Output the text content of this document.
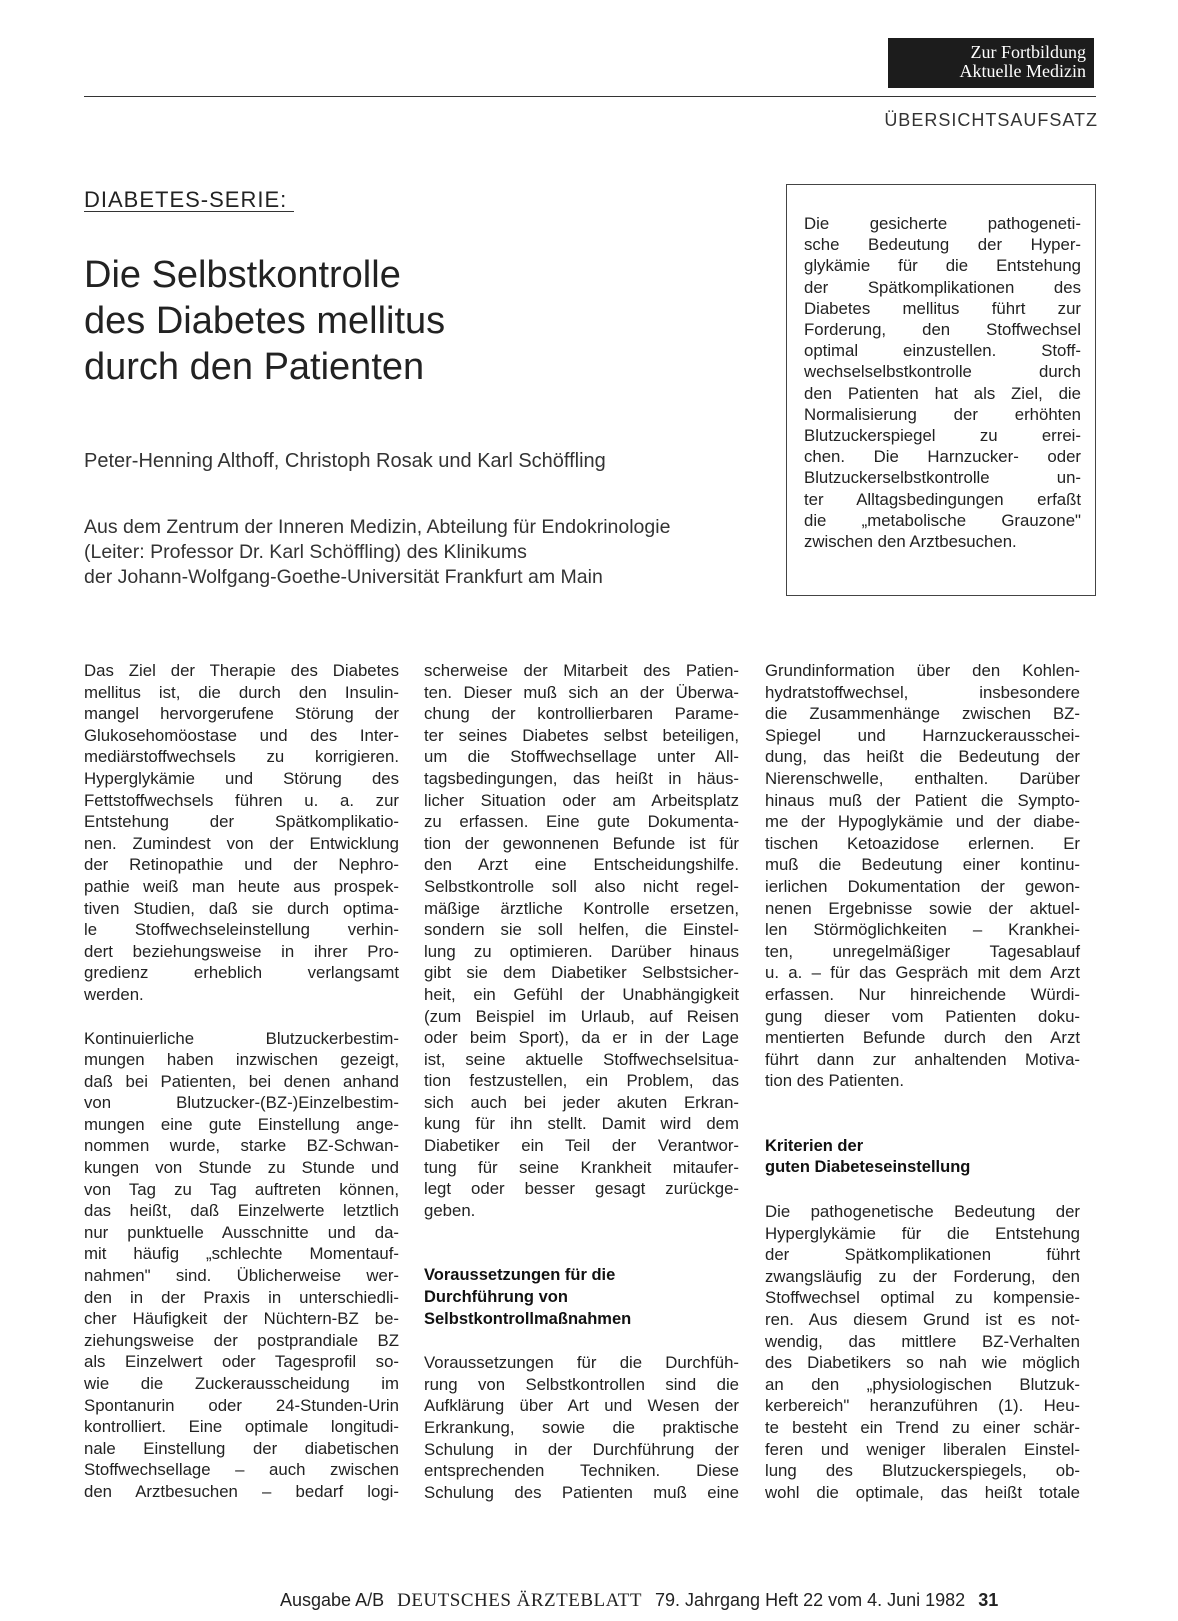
Zur Fortbildung
Aktuelle Medizin
ÜBERSICHTSAUFSATZ
DIABETES-SERIE:
Die Selbstkontrolle
des Diabetes mellitus
durch den Patienten
Peter-Henning Althoff, Christoph Rosak und Karl Schöffling
Aus dem Zentrum der Inneren Medizin, Abteilung für Endokrinologie
(Leiter: Professor Dr. Karl Schöffling) des Klinikums
der Johann-Wolfgang-Goethe-Universität Frankfurt am Main
Die gesicherte pathogeneti-
sche Bedeutung der Hyper-
glykämie für die Entstehung
der Spätkomplikationen des
Diabetes mellitus führt zur
Forderung, den Stoffwechsel
optimal einzustellen. Stoff-
wechselselbstkontrolle durch
den Patienten hat als Ziel, die
Normalisierung der erhöhten
Blutzuckerspiegel zu errei-
chen. Die Harnzucker- oder
Blutzuckerselbstkontrolle un-
ter Alltagsbedingungen erfaßt
die „metabolische Grauzone"
zwischen den Arztbesuchen.
Das Ziel der Therapie des Diabetes
mellitus ist, die durch den Insulin-
mangel hervorgerufene Störung der
Glukosehomöostase und des Inter-
mediärstoffwechsels zu korrigieren.
Hyperglykämie und Störung des
Fettstoffwechsels führen u. a. zur
Entstehung der Spätkomplikatio-
nen. Zumindest von der Entwicklung
der Retinopathie und der Nephro-
pathie weiß man heute aus prospek-
tiven Studien, daß sie durch optima-
le Stoffwechseleinstellung verhin-
dert beziehungsweise in ihrer Pro-
gredienz erheblich verlangsamt
werden.
Kontinuierliche Blutzuckerbestim-
mungen haben inzwischen gezeigt,
daß bei Patienten, bei denen anhand
von Blutzucker-(BZ-)Einzelbestim-
mungen eine gute Einstellung ange-
nommen wurde, starke BZ-Schwan-
kungen von Stunde zu Stunde und
von Tag zu Tag auftreten können,
das heißt, daß Einzelwerte letztlich
nur punktuelle Ausschnitte und da-
mit häufig „schlechte Momentauf-
nahmen" sind. Üblicherweise wer-
den in der Praxis in unterschiedli-
cher Häufigkeit der Nüchtern-BZ be-
ziehungsweise der postprandiale BZ
als Einzelwert oder Tagesprofil so-
wie die Zuckerausscheidung im
Spontanurin oder 24-Stunden-Urin
kontrolliert. Eine optimale longitudi-
nale Einstellung der diabetischen
Stoffwechsellage – auch zwischen
den Arztbesuchen – bedarf logi-
scherweise der Mitarbeit des Patien-
ten. Dieser muß sich an der Überwa-
chung der kontrollierbaren Parame-
ter seines Diabetes selbst beteiligen,
um die Stoffwechsellage unter All-
tagsbedingungen, das heißt in häus-
licher Situation oder am Arbeitsplatz
zu erfassen. Eine gute Dokumenta-
tion der gewonnenen Befunde ist für
den Arzt eine Entscheidungshilfe.
Selbstkontrolle soll also nicht regel-
mäßige ärztliche Kontrolle ersetzen,
sondern sie soll helfen, die Einstel-
lung zu optimieren. Darüber hinaus
gibt sie dem Diabetiker Selbstsicher-
heit, ein Gefühl der Unabhängigkeit
(zum Beispiel im Urlaub, auf Reisen
oder beim Sport), da er in der Lage
ist, seine aktuelle Stoffwechselsitua-
tion festzustellen, ein Problem, das
sich auch bei jeder akuten Erkran-
kung für ihn stellt. Damit wird dem
Diabetiker ein Teil der Verantwor-
tung für seine Krankheit mitaufer-
legt oder besser gesagt zurückge-
geben.
Voraussetzungen für die
Durchführung von
Selbstkontrollmaßnahmen
Voraussetzungen für die Durchfüh-
rung von Selbstkontrollen sind die
Aufklärung über Art und Wesen der
Erkrankung, sowie die praktische
Schulung in der Durchführung der
entsprechenden Techniken. Diese
Schulung des Patienten muß eine
Grundinformation über den Kohlen-
hydratstoffwechsel, insbesondere
die Zusammenhänge zwischen BZ-
Spiegel und Harnzuckerausschei-
dung, das heißt die Bedeutung der
Nierenschwelle, enthalten. Darüber
hinaus muß der Patient die Sympto-
me der Hypoglykämie und der diabe-
tischen Ketoazidose erlernen. Er
muß die Bedeutung einer kontinu-
ierlichen Dokumentation der gewon-
nenen Ergebnisse sowie der aktuel-
len Störmöglichkeiten – Krankhei-
ten, unregelmäßiger Tagesablauf
u. a. – für das Gespräch mit dem Arzt
erfassen. Nur hinreichende Würdi-
gung dieser vom Patienten doku-
mentierten Befunde durch den Arzt
führt dann zur anhaltenden Motiva-
tion des Patienten.
Kriterien der
guten Diabeteseinstellung
Die pathogenetische Bedeutung der
Hyperglykämie für die Entstehung
der Spätkomplikationen führt
zwangsläufig zu der Forderung, den
Stoffwechsel optimal zu kompensie-
ren. Aus diesem Grund ist es not-
wendig, das mittlere BZ-Verhalten
des Diabetikers so nah wie möglich
an den „physiologischen Blutzuk-
kerbereich" heranzuführen (1). Heu-
te besteht ein Trend zu einer schär-
feren und weniger liberalen Einstel-
lung des Blutzuckerspiegels, ob-
wohl die optimale, das heißt totale
Ausgabe A/B DEUTSCHES ÄRZTEBLATT 79. Jahrgang Heft 22 vom 4. Juni 1982 31
